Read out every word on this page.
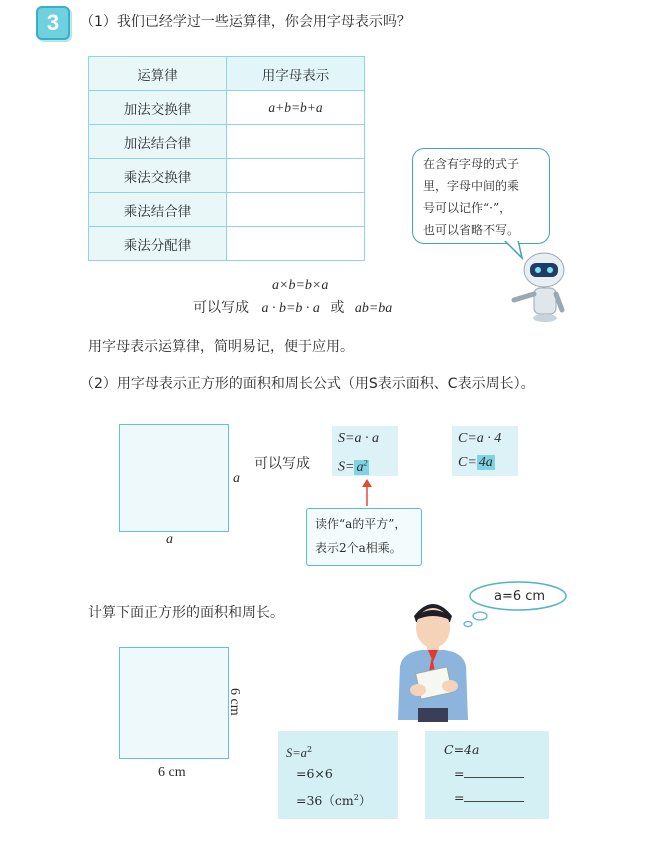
3	（1）我们已经学过一些运算律，你会用字母表示吗？
运算律	用字母表示
加法交换律	a+b=b+a
加法结合律	
乘法交换律	
乘法结合律	
乘法分配律	
在含有字母的式子
里，字母中间的乘
号可以记作“·”，
也可以省略不写。
a×b=b×a
可以写成 a · b=b · a 或 ab=ba
用字母表示运算律，简明易记，便于应用。
（2）用字母表示正方形的面积和周长公式（用S表示面积、C表示周长）。
a
a
可以写成
S=a · a
$S= a^2$
C=a · 4
C= 4a
读作“a的平方”，
表示2个a相乘。
计算下面正方形的面积和周长。
a=6 cm
6 cm
6 cm
$S=a^2$
=6×6
$=36(cm^2)$
C=4a
=
=
